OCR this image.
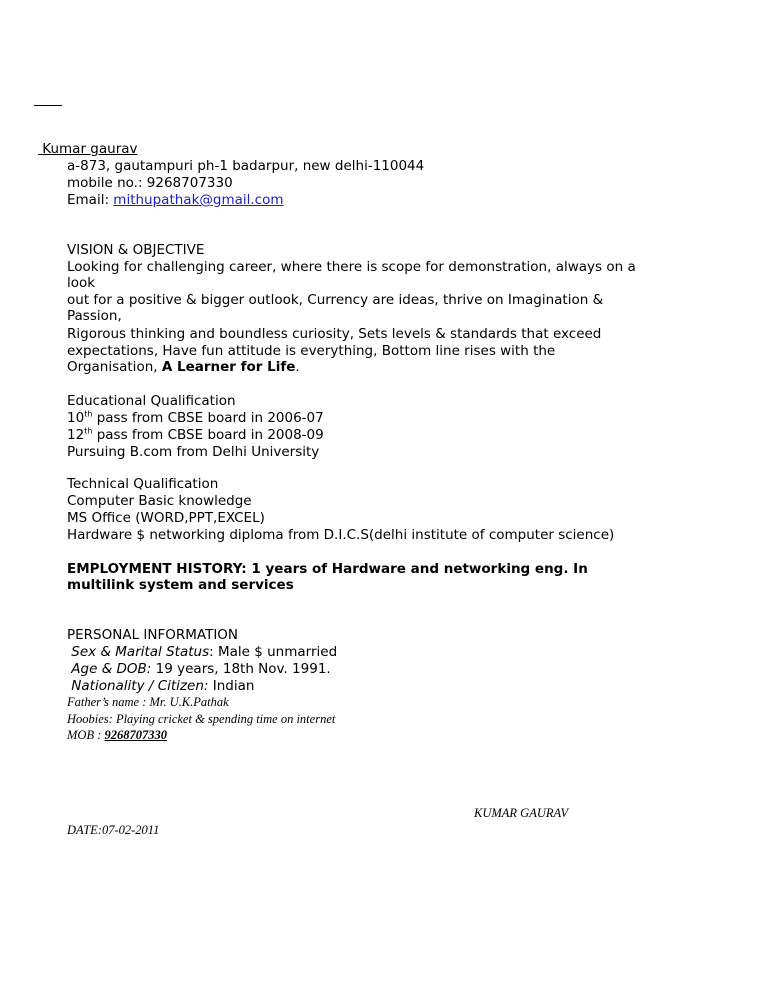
Kumar gaurav
a-873, gautampuri ph-1 badarpur, new delhi-110044
mobile no.: 9268707330
Email: mithupathak@gmail.com
VISION & OBJECTIVE
Looking for challenging career, where there is scope for demonstration, always on a
look
out for a positive & bigger outlook, Currency are ideas, thrive on Imagination &
Passion,
Rigorous thinking and boundless curiosity, Sets levels & standards that exceed
expectations, Have fun attitude is everything, Bottom line rises with the
Organisation, A Learner for Life.
Educational Qualification
10th pass from CBSE board in 2006-07
12th pass from CBSE board in 2008-09
Pursuing B.com from Delhi University
Technical Qualification
Computer Basic knowledge
MS Office (WORD,PPT,EXCEL)
Hardware $ networking diploma from D.I.C.S(delhi institute of computer science)
EMPLOYMENT HISTORY: 1 years of Hardware and networking eng. In
multilink system and services
PERSONAL INFORMATION
Sex & Marital Status: Male $ unmarried
Age & DOB: 19 years, 18th Nov. 1991.
Nationality / Citizen: Indian
Father’s name : Mr. U.K.Pathak
Hoobies: Playing cricket & spending time on internet
MOB : 9268707330
KUMAR GAURAV
DATE:07-02-2011
